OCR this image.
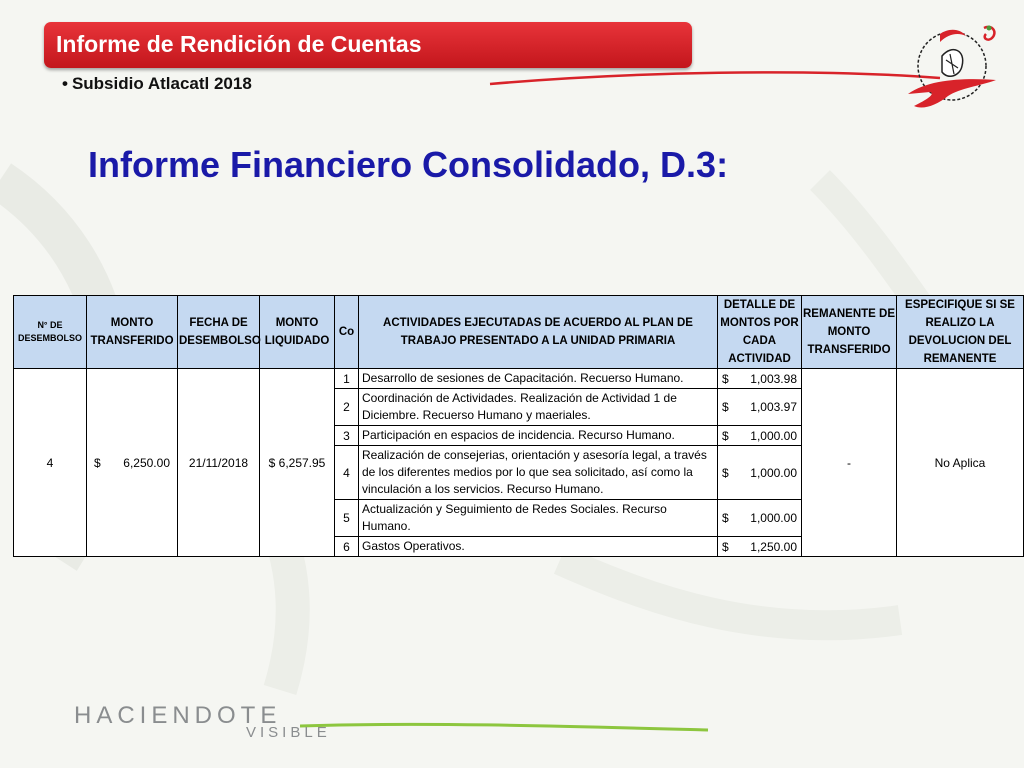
Informe de Rendición de Cuentas
• Subsidio Atlacatl 2018
Informe Financiero Consolidado, D.3:
N° DE DESEMBOLSO	MONTO TRANSFERIDO	FECHA DE DESEMBOLSO	MONTO LIQUIDADO	Co	ACTIVIDADES EJECUTADAS DE ACUERDO AL PLAN DE TRABAJO PRESENTADO A LA UNIDAD PRIMARIA	DETALLE DE MONTOS POR CADA ACTIVIDAD	REMANENTE DE MONTO TRANSFERIDO	ESPECIFIQUE SI SE REALIZO LA DEVOLUCION DEL REMANENTE
4	$ 6,250.00	21/11/2018	$ 6,257.95	1	Desarrollo de sesiones de Capacitación. Recuerso Humano.	$ 1,003.98	-	No Aplica
				2	Coordinación de Actividades. Realización de Actividad 1 de Diciembre. Recuerso Humano y maeriales.	$ 1,003.97		

				3	Participación en espacios de incidencia. Recurso Humano.	$ 1,000.00		

				4	Realización de consejerias, orientación y asesoría legal, a través de los diferentes medios por lo que sea solicitado, así como la vinculación a los servicios. Recurso Humano.	$ 1,000.00		

				5	Actualización y Seguimiento de Redes Sociales. Recurso Humano.	$ 1,000.00		

				6	Gastos Operativos.	$ 1,250.00		
HACIENDOTE
VISIBLE
